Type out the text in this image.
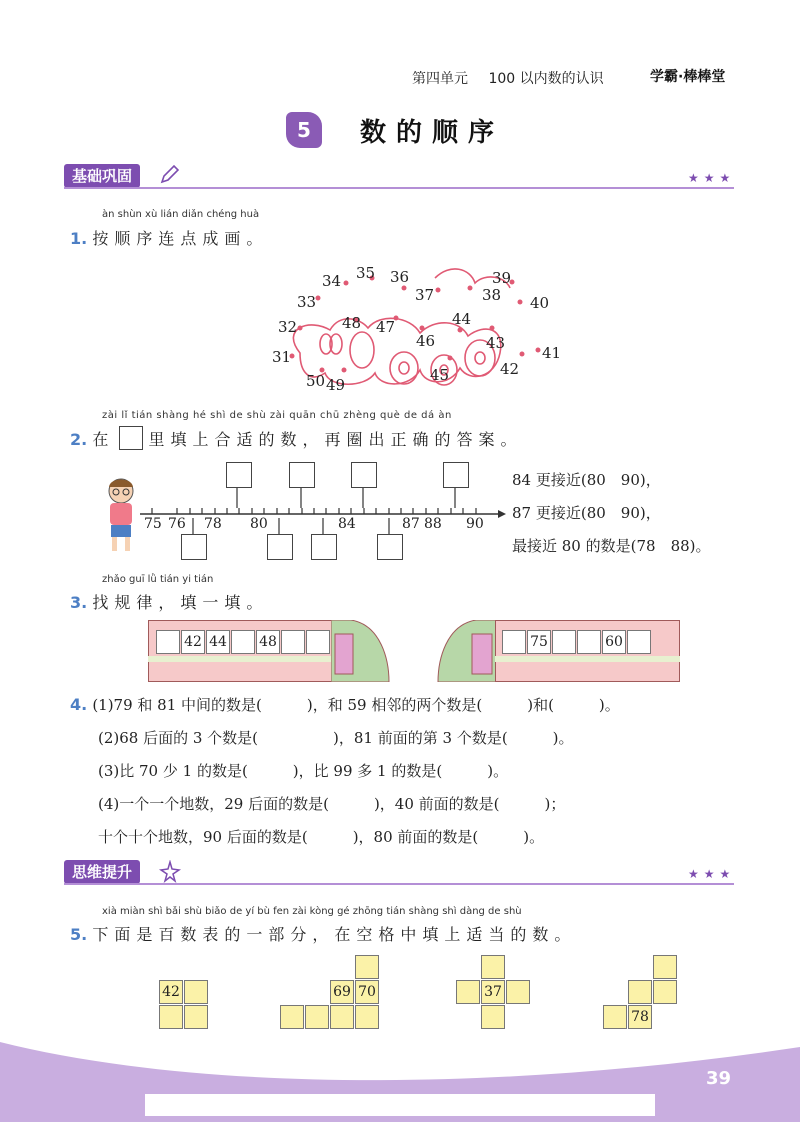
第四单元 100 以内数的认识	学霸·棒棒堂
5	数的顺序
基础巩固	★★★
àn shùn xù lián diǎn chéng huà
1. 按顺序连点成画。
31
32
33
34 35 36
37	38
39
40
41
42
43
44
45
46
47
48
49
50
zài lǐ tián shàng hé shì de shù zài quān chū zhèng què de dá àn
2. 在 里填上合适的数，再圈出正确的答案。
75 76 78 80	84	87 88 90
84 更接近(80　90)，
87 更接近(80　90)，
最接近 80 的数是(78　88)。
zhǎo guī lǜ tián yi tián
3. 找规律，填一填。
42 44 48	75	60
4. (1)79 和 81 中间的数是(　　　)，和 59 相邻的两个数是(　　　)和(　　　)。
(2)68 后面的 3 个数是(　　　　　)，81 前面的第 3 个数是(　　　)。
(3)比 70 少 1 的数是(　　　)，比 99 多 1 的数是(　　　)。
(4)一个一个地数，29 后面的数是(　　　)，40 前面的数是(　　　)；
十个十个地数，90 后面的数是(　　　)，80 前面的数是(　　　)。
思维提升	★★★
xià miàn shì bǎi shù biǎo de yí bù fen zài kòng gé zhōng tián shàng shì dàng de shù
5. 下面是百数表的一部分，在空格中填上适当的数。
42	69 70	37
78
39
